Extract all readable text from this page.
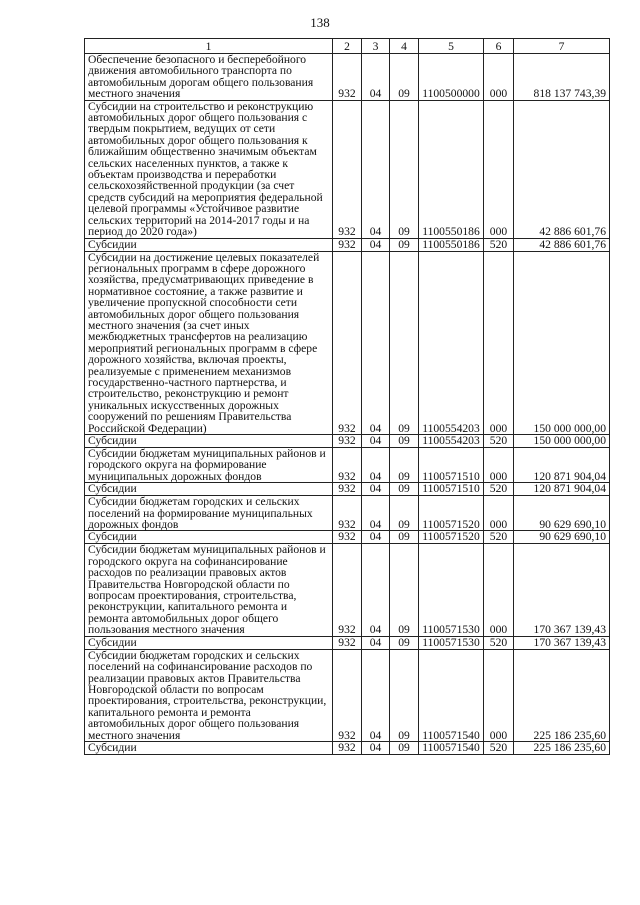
138
1	2	3	4	5	6	7
Обеспечение безопасного и бесперебойного движения автомобильного транспорта по автомобильным дорогам общего пользования местного значения	932	04	09	1100500000	000	818 137 743,39
Субсидии на строительство и реконструкцию автомобильных дорог общего пользования с твердым покрытием, ведущих от сети автомобильных дорог общего пользования к ближайшим общественно значимым объектам сельских населенных пунктов, а также к объектам производства и переработки сельскохозяйственной продукции (за счет средств субсидий на мероприятия федеральной целевой программы «Устойчивое развитие сельских территорий на 2014-2017 годы и на период до 2020 года»)	932	04	09	1100550186	000	42 886 601,76
Субсидии	932	04	09	1100550186	520	42 886 601,76
Субсидии на достижение целевых показателей региональных программ в сфере дорожного хозяйства, предусматривающих приведение в нормативное состояние, а также развитие и увеличение пропускной способности сети автомобильных дорог общего пользования местного значения (за счет иных межбюджетных трансфертов на реализацию мероприятий региональных программ в сфере дорожного хозяйства, включая проекты, реализуемые с применением механизмов государственно-частного партнерства, и строительство, реконструкцию и ремонт уникальных искусственных дорожных сооружений по решениям Правительства Российской Федерации)	932	04	09	1100554203	000	150 000 000,00
Субсидии	932	04	09	1100554203	520	150 000 000,00
Субсидии бюджетам муниципальных районов и городского округа на формирование муниципальных дорожных фондов	932	04	09	1100571510	000	120 871 904,04
Субсидии	932	04	09	1100571510	520	120 871 904,04
Субсидии бюджетам городских и сельских поселений на формирование муниципальных дорожных фондов	932	04	09	1100571520	000	90 629 690,10
Субсидии	932	04	09	1100571520	520	90 629 690,10
Субсидии бюджетам муниципальных районов и городского округа на софинансирование расходов по реализации правовых актов Правительства Новгородской области по вопросам проектирования, строительства, реконструкции, капитального ремонта и ремонта автомобильных дорог общего пользования местного значения	932	04	09	1100571530	000	170 367 139,43
Субсидии	932	04	09	1100571530	520	170 367 139,43
Субсидии бюджетам городских и сельских поселений на софинансирование расходов по реализации правовых актов Правительства Новгородской области по вопросам проектирования, строительства, реконструкции, капитального ремонта и ремонта автомобильных дорог общего пользования местного значения	932	04	09	1100571540	000	225 186 235,60
Субсидии	932	04	09	1100571540	520	225 186 235,60
